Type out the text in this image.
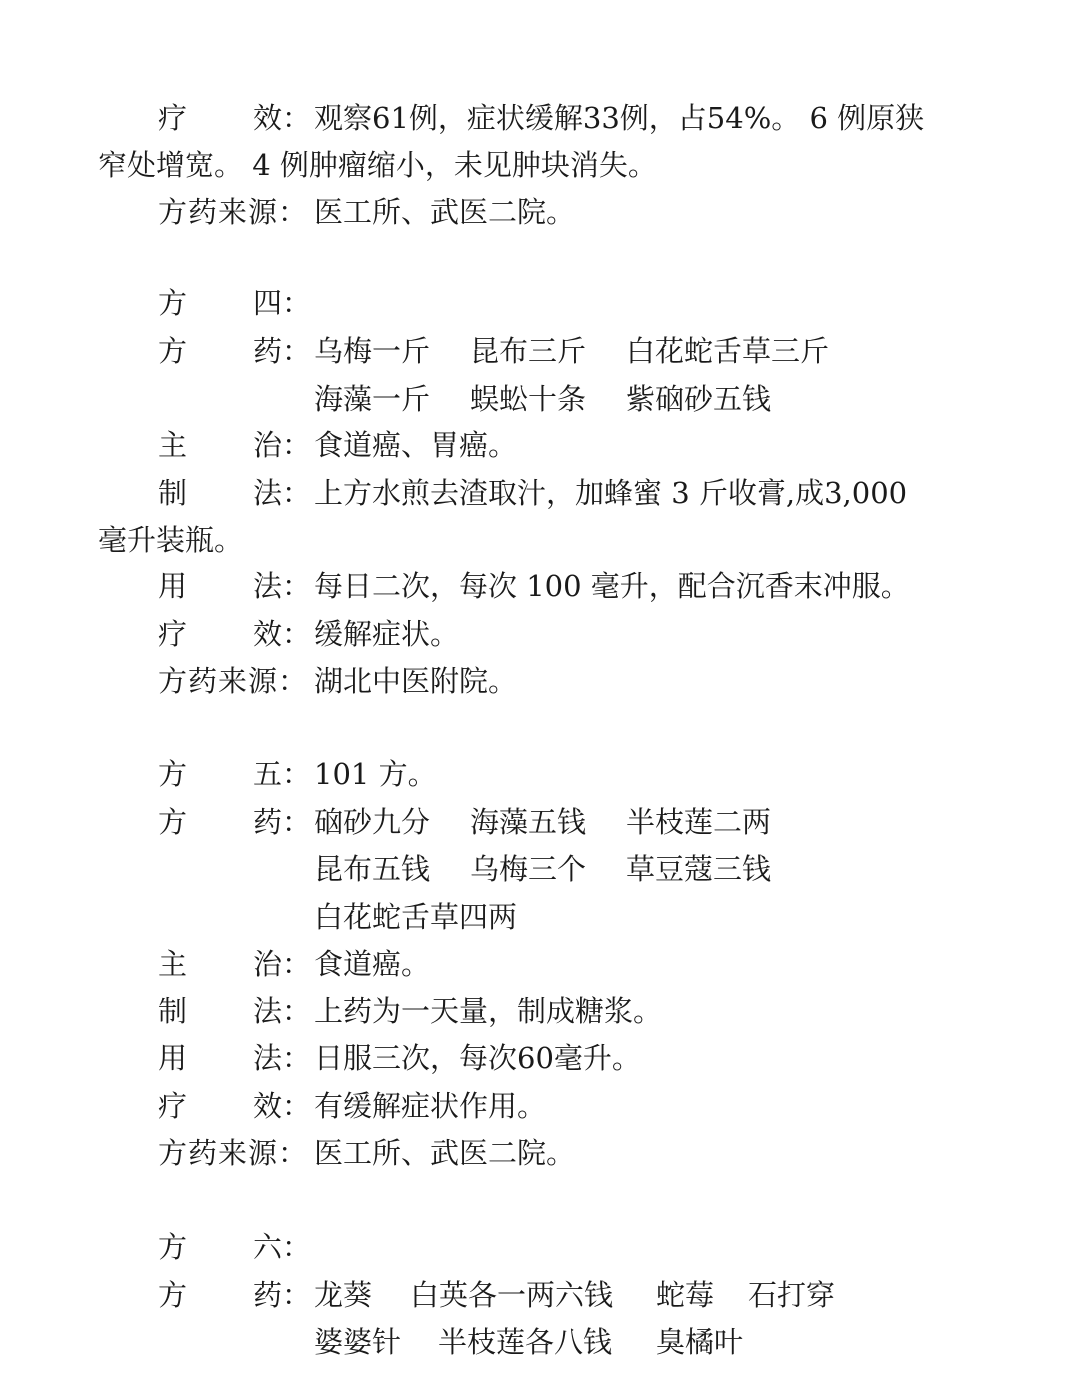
疗 效： 观察61例，症状缓解33例，占54%。 6 例原狭
窄处增宽。 4 例肿瘤缩小，未见肿块消失。
方药来源： 医工所、武医二院。
方 四：
方 药： 乌梅一斤 昆布三斤 白花蛇舌草三斤
海藻一斤 蜈蚣十条 紫硇砂五钱
主 治： 食道癌、胃癌。
制 法： 上方水煎去渣取汁，加蜂蜜 3 斤收膏,成3,000
毫升装瓶。
用 法： 每日二次，每次 100 毫升，配合沉香末冲服。
疗 效： 缓解症状。
方药来源： 湖北中医附院。
方 五： 101 方。
方 药： 硇砂九分 海藻五钱 半枝莲二两
昆布五钱 乌梅三个 草豆蔻三钱
白花蛇舌草四两
主 治： 食道癌。
制 法： 上药为一天量，制成糖浆。
用 法： 日服三次，每次60毫升。
疗 效： 有缓解症状作用。
方药来源： 医工所、武医二院。
方 六：
方 药： 龙葵 白英各一两六钱 蛇莓 石打穿
婆婆针 半枝莲各八钱 臭橘叶
